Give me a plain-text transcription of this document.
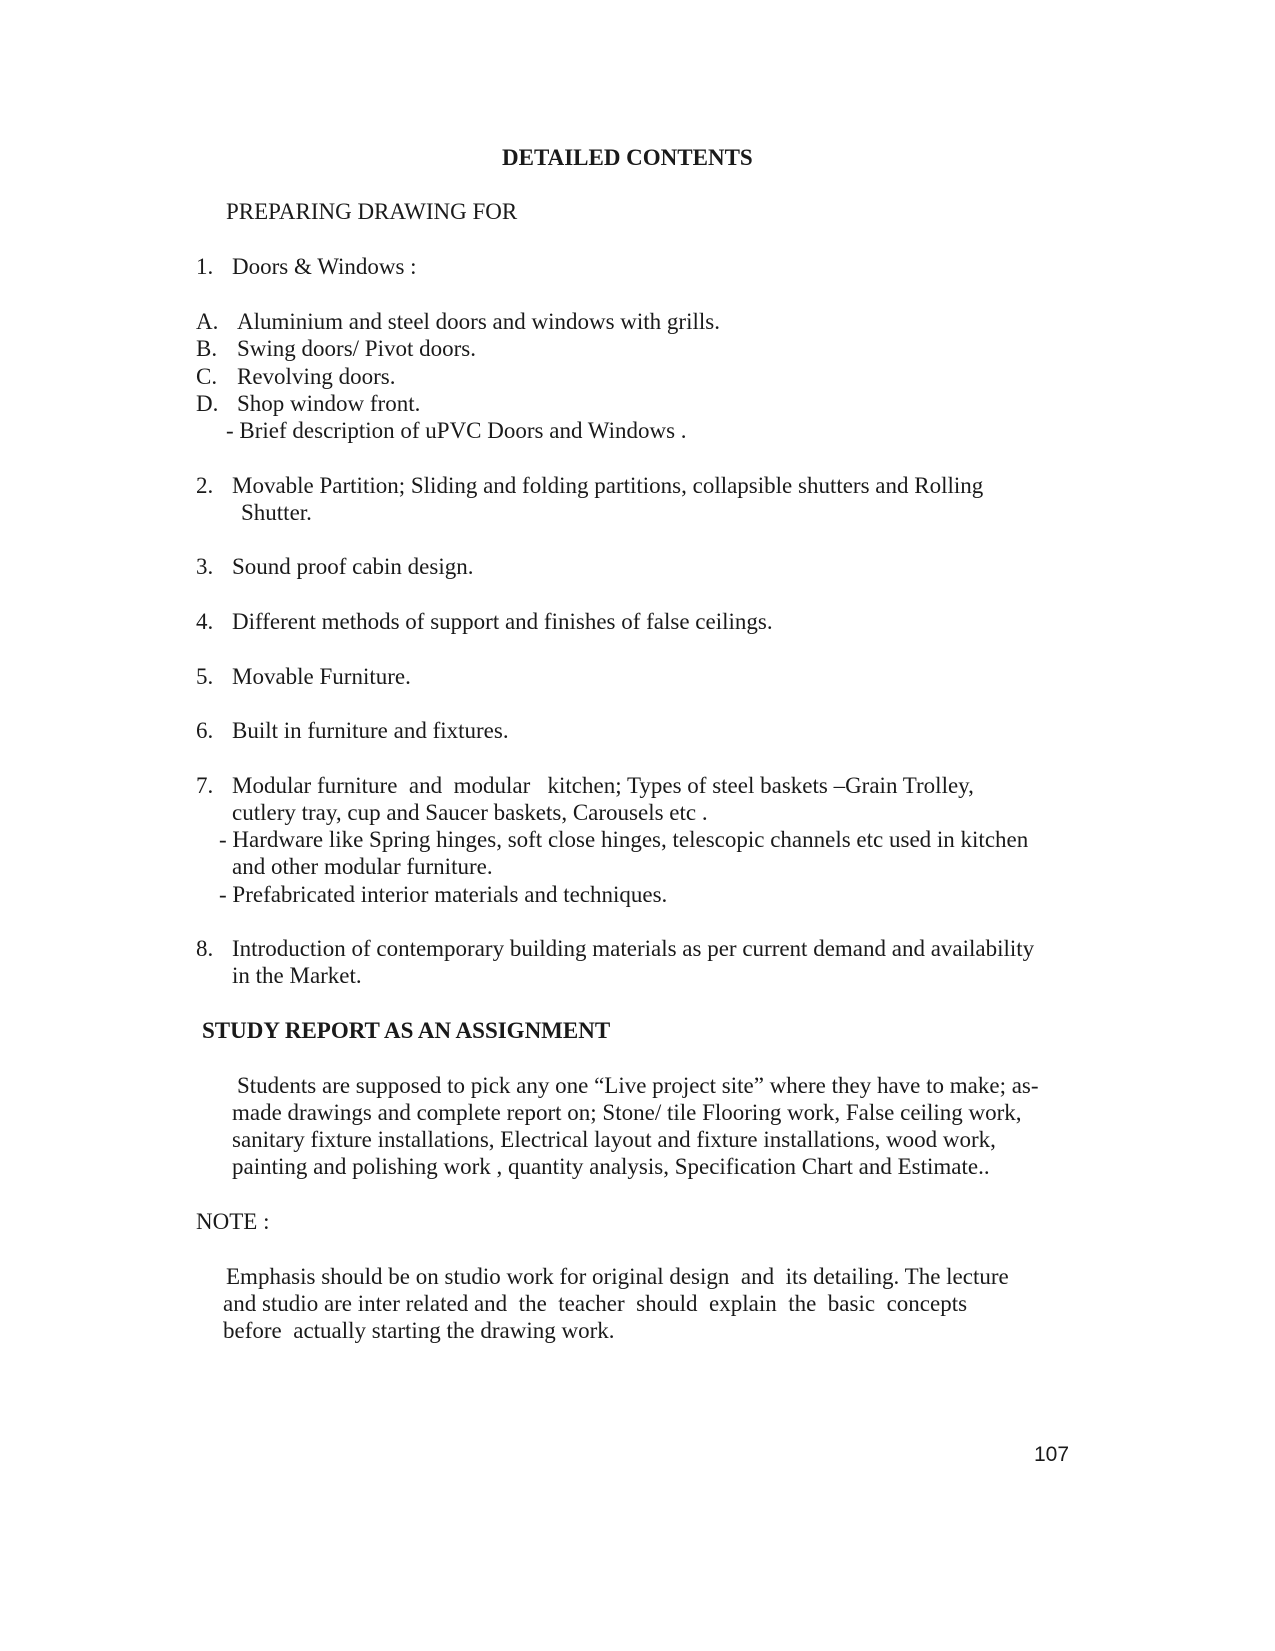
DETAILED CONTENTS
PREPARING DRAWING FOR
1. Doors & Windows :
A. Aluminium and steel doors and windows with grills.
B. Swing doors/ Pivot doors.
C. Revolving doors.
D. Shop window front.
- Brief description of uPVC Doors and Windows .
2. Movable Partition; Sliding and folding partitions, collapsible shutters and Rolling
Shutter.
3. Sound proof cabin design.
4. Different methods of support and finishes of false ceilings.
5. Movable Furniture.
6. Built in furniture and fixtures.
7. Modular furniture  and  modular   kitchen; Types of steel baskets –Grain Trolley,
cutlery tray, cup and Saucer baskets, Carousels etc .
- Hardware like Spring hinges, soft close hinges, telescopic channels etc used in kitchen
and other modular furniture.
- Prefabricated interior materials and techniques.
8. Introduction of contemporary building materials as per current demand and availability
in the Market.
STUDY REPORT AS AN ASSIGNMENT
Students are supposed to pick any one “Live project site” where they have to make; as-
made drawings and complete report on; Stone/ tile Flooring work, False ceiling work,
sanitary fixture installations, Electrical layout and fixture installations, wood work,
painting and polishing work , quantity analysis, Specification Chart and Estimate..
NOTE :
Emphasis should be on studio work for original design  and  its detailing. The lecture
and studio are inter related and  the  teacher  should  explain  the  basic  concepts
before  actually starting the drawing work.
107
